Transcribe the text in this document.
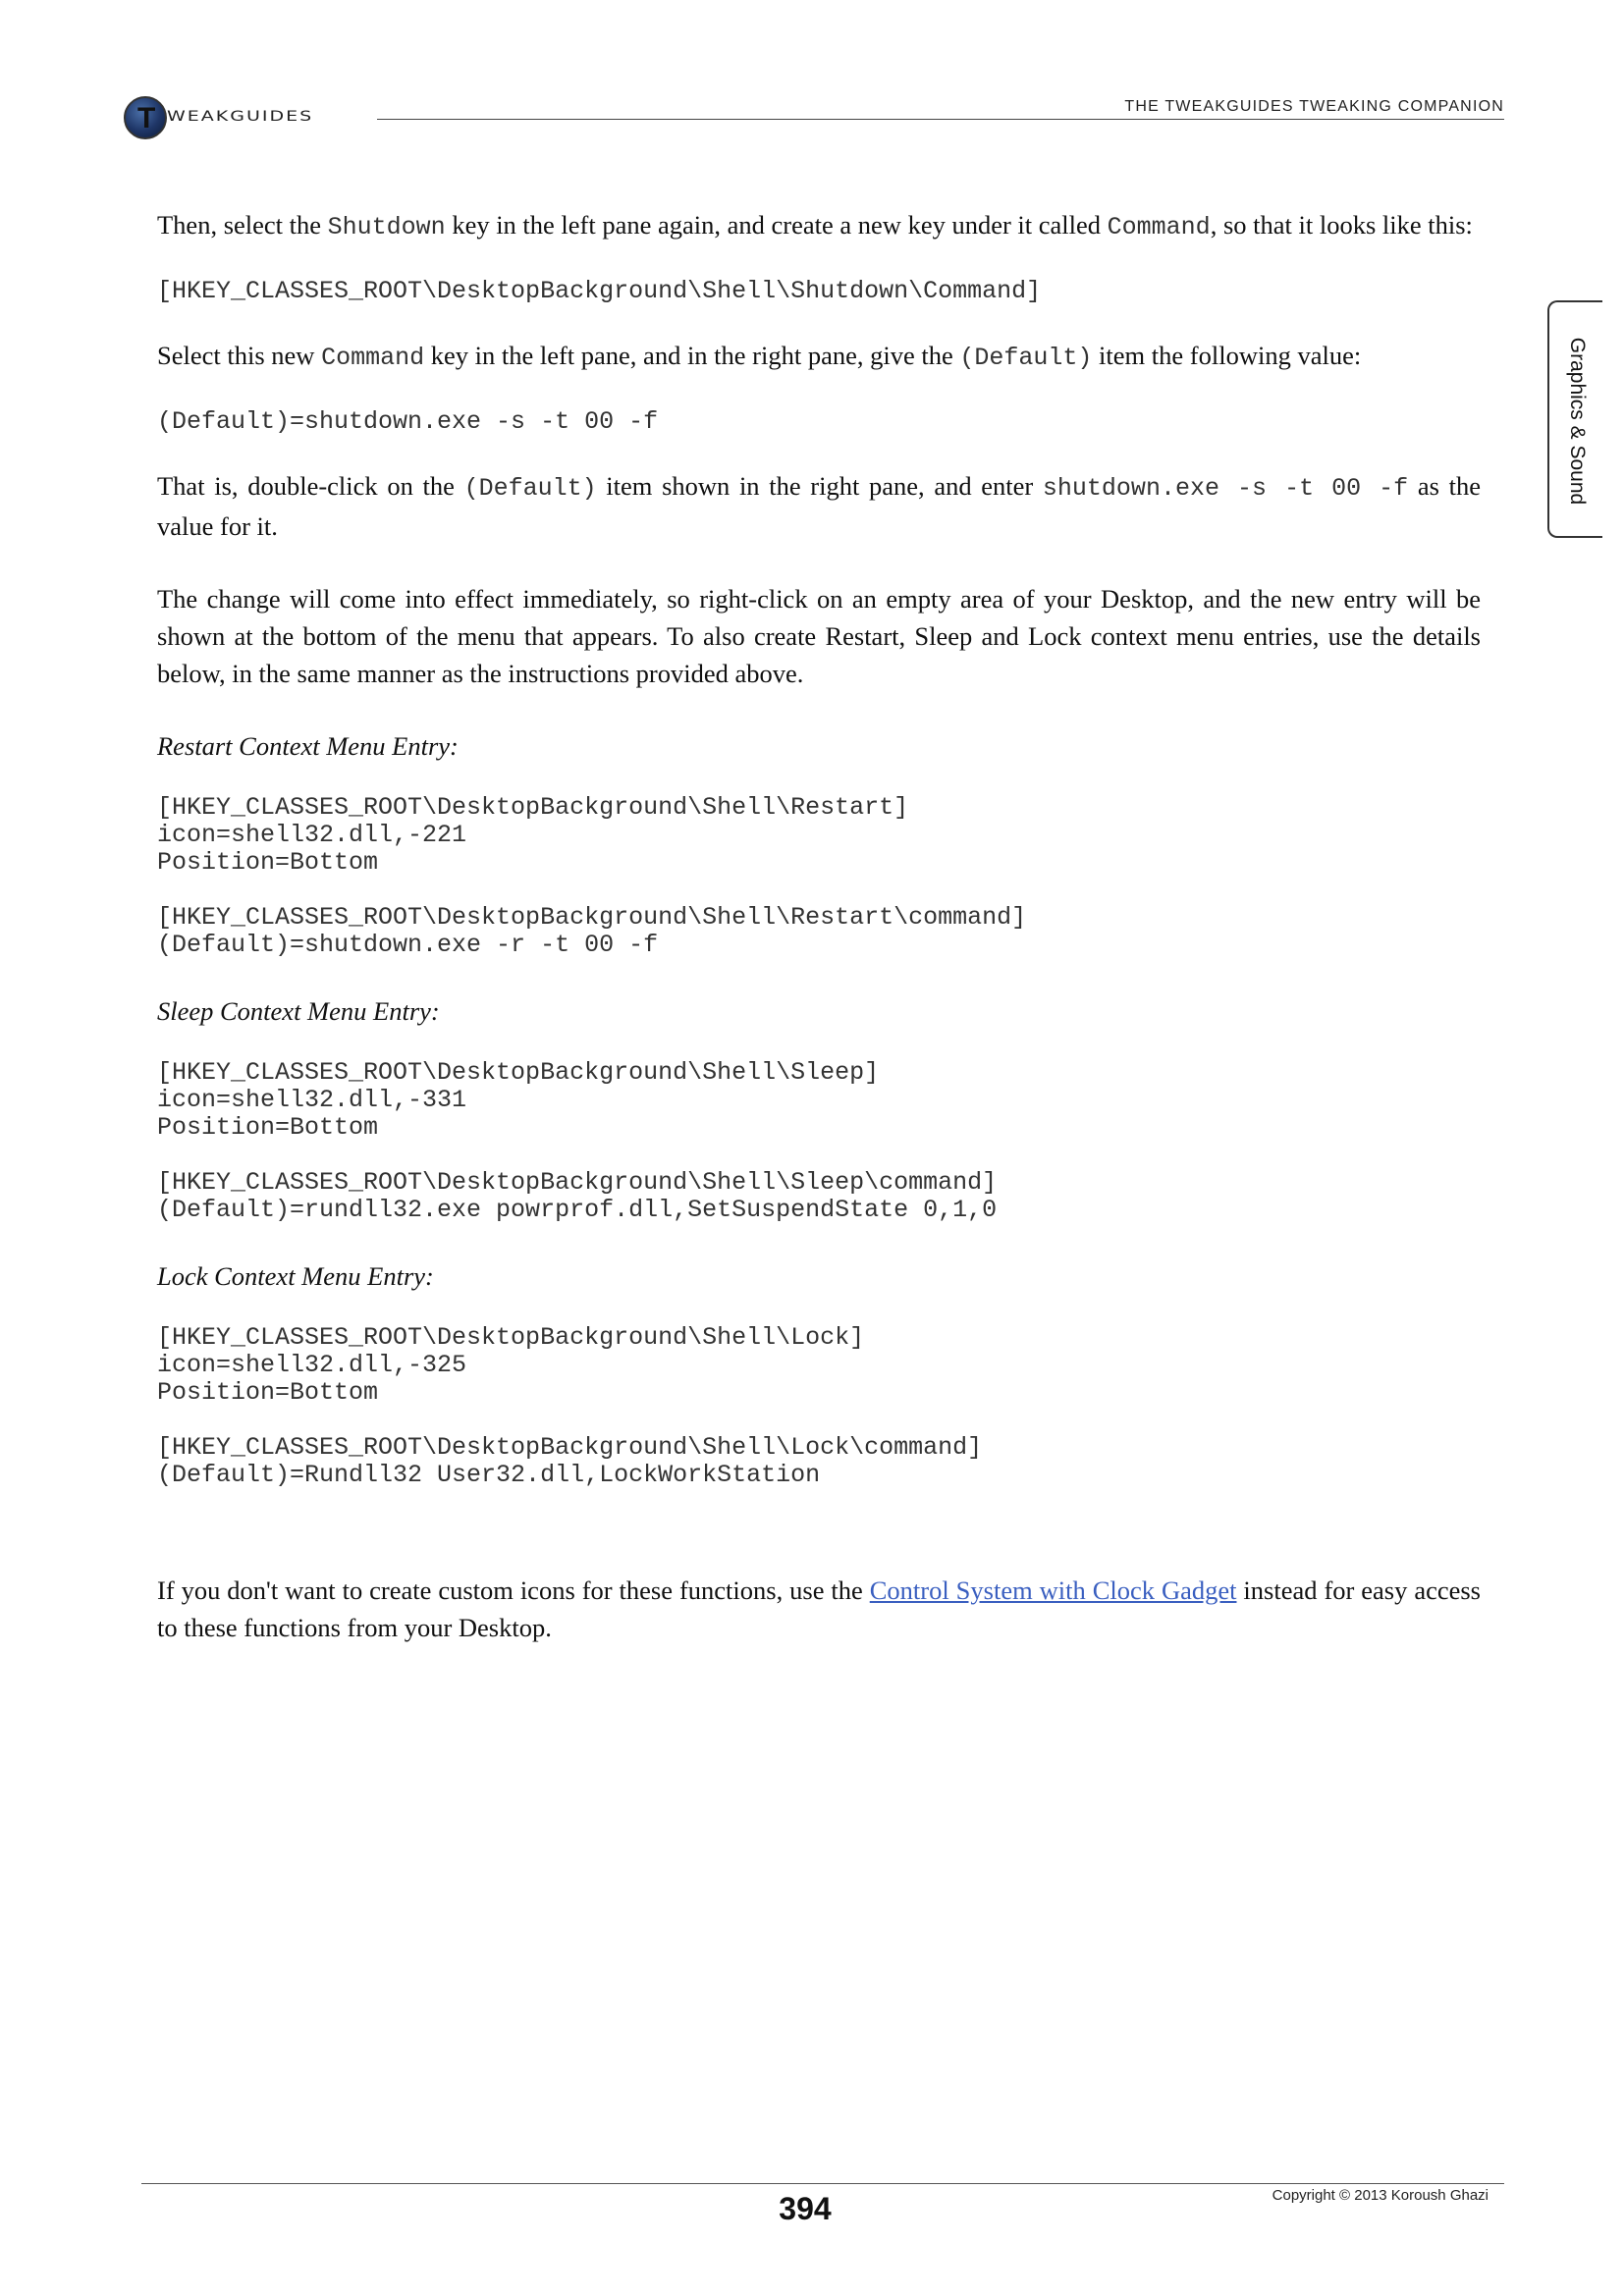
T
WEAKGUIDES
THE TWEAKGUIDES TWEAKING COMPANION
Graphics & Sound

Then, select the Shutdown key in the left pane again, and create a new key under it called Command, so that it looks like this:

[HKEY_CLASSES_ROOT\DesktopBackground\Shell\Shutdown\Command]

Select this new Command key in the left pane, and in the right pane, give the (Default) item the following value:

(Default)=shutdown.exe -s -t 00 -f

That is, double-click on the (Default) item shown in the right pane, and enter shutdown.exe -s -t 00 -f as the value for it.

The change will come into effect immediately, so right-click on an empty area of your Desktop, and the new entry will be shown at the bottom of the menu that appears. To also create Restart, Sleep and Lock context menu entries, use the details below, in the same manner as the instructions provided above.

Restart Context Menu Entry:

[HKEY_CLASSES_ROOT\DesktopBackground\Shell\Restart]
icon=shell32.dll,-221
Position=Bottom
[HKEY_CLASSES_ROOT\DesktopBackground\Shell\Restart\command]
(Default)=shutdown.exe -r -t 00 -f

Sleep Context Menu Entry:

[HKEY_CLASSES_ROOT\DesktopBackground\Shell\Sleep]
icon=shell32.dll,-331
Position=Bottom
[HKEY_CLASSES_ROOT\DesktopBackground\Shell\Sleep\command]
(Default)=rundll32.exe powrprof.dll,SetSuspendState 0,1,0

Lock Context Menu Entry:

[HKEY_CLASSES_ROOT\DesktopBackground\Shell\Lock]
icon=shell32.dll,-325
Position=Bottom
[HKEY_CLASSES_ROOT\DesktopBackground\Shell\Lock\command]
(Default)=Rundll32 User32.dll,LockWorkStation

If you don't want to create custom icons for these functions, use the Control System with Clock Gadget instead for easy access to these functions from your Desktop.

394	Copyright © 2013 Koroush Ghazi
